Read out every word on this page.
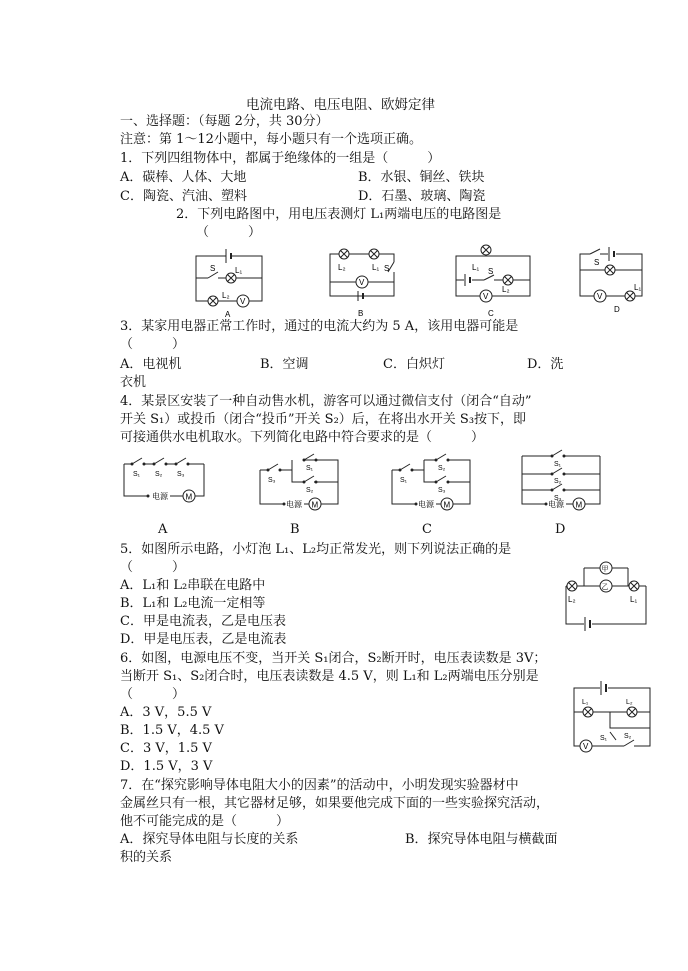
电流电路、电压电阻、欧姆定律
一、选择题：（每题 2分，共 30分）
注意：第 1～12小题中，每小题只有一个选项正确。
1．下列四组物体中，都属于绝缘体的一组是（　　　）
A．碳棒、人体、大地	B．水银、铜丝、铁块
C．陶瓷、汽油、塑料	D．石墨、玻璃、陶瓷
2．下列电路图中，用电压表测灯 L₁两端电压的电路图是
（　　　）
V
S L₁
L₂
A
V
L₂	L₁ S
B
V
L₁ S
L₂
C
V
S
L₁
D
3．某家用电器正常工作时，通过的电流大约为 5 A，该用电器可能是
（　　　）
A．电视机	B．空调	C．白炽灯	D．洗
衣机
4．某景区安装了一种自动售水机，游客可以通过微信支付（闭合“自动”
开关 S₁）或投币（闭合“投币”开关 S₂）后，在将出水开关 S₃按下，即
可接通供水电机取水。下列简化电路中符合要求的是（　　　）
M
电源
S₁ S₂ S₃
M
电源
S₃
S₁
S₂
M
电源
S₁
S₂
S₃
M
电源
S₁
S₂
S₃
A	B	C	D
5．如图所示电路，小灯泡 L₁、L₂均正常发光，则下列说法正确的是
（　　　）
A．L₁和 L₂串联在电路中
B．L₁和 L₂电流一定相等
C．甲是电流表，乙是电压表
D．甲是电压表，乙是电流表
甲
乙
L₂	L₁
6．如图，电源电压不变，当开关 S₁闭合，S₂断开时，电压表读数是 3V；
当断开 S₁、S₂闭合时，电压表读数是 4.5 V，则 L₁和 L₂两端电压分别是
（　　　）
A．3 V，5.5 V
B．1.5 V，4.5 V
C．3 V，1.5 V
D．1.5 V，3 V
V
L₁	L₂
S₁ S₂
7．在“探究影响导体电阻大小的因素”的活动中，小明发现实验器材中
金属丝只有一根，其它器材足够，如果要他完成下面的一些实验探究活动，
他不可能完成的是（　　　）
A．探究导体电阻与长度的关系	B．探究导体电阻与横截面
积的关系
